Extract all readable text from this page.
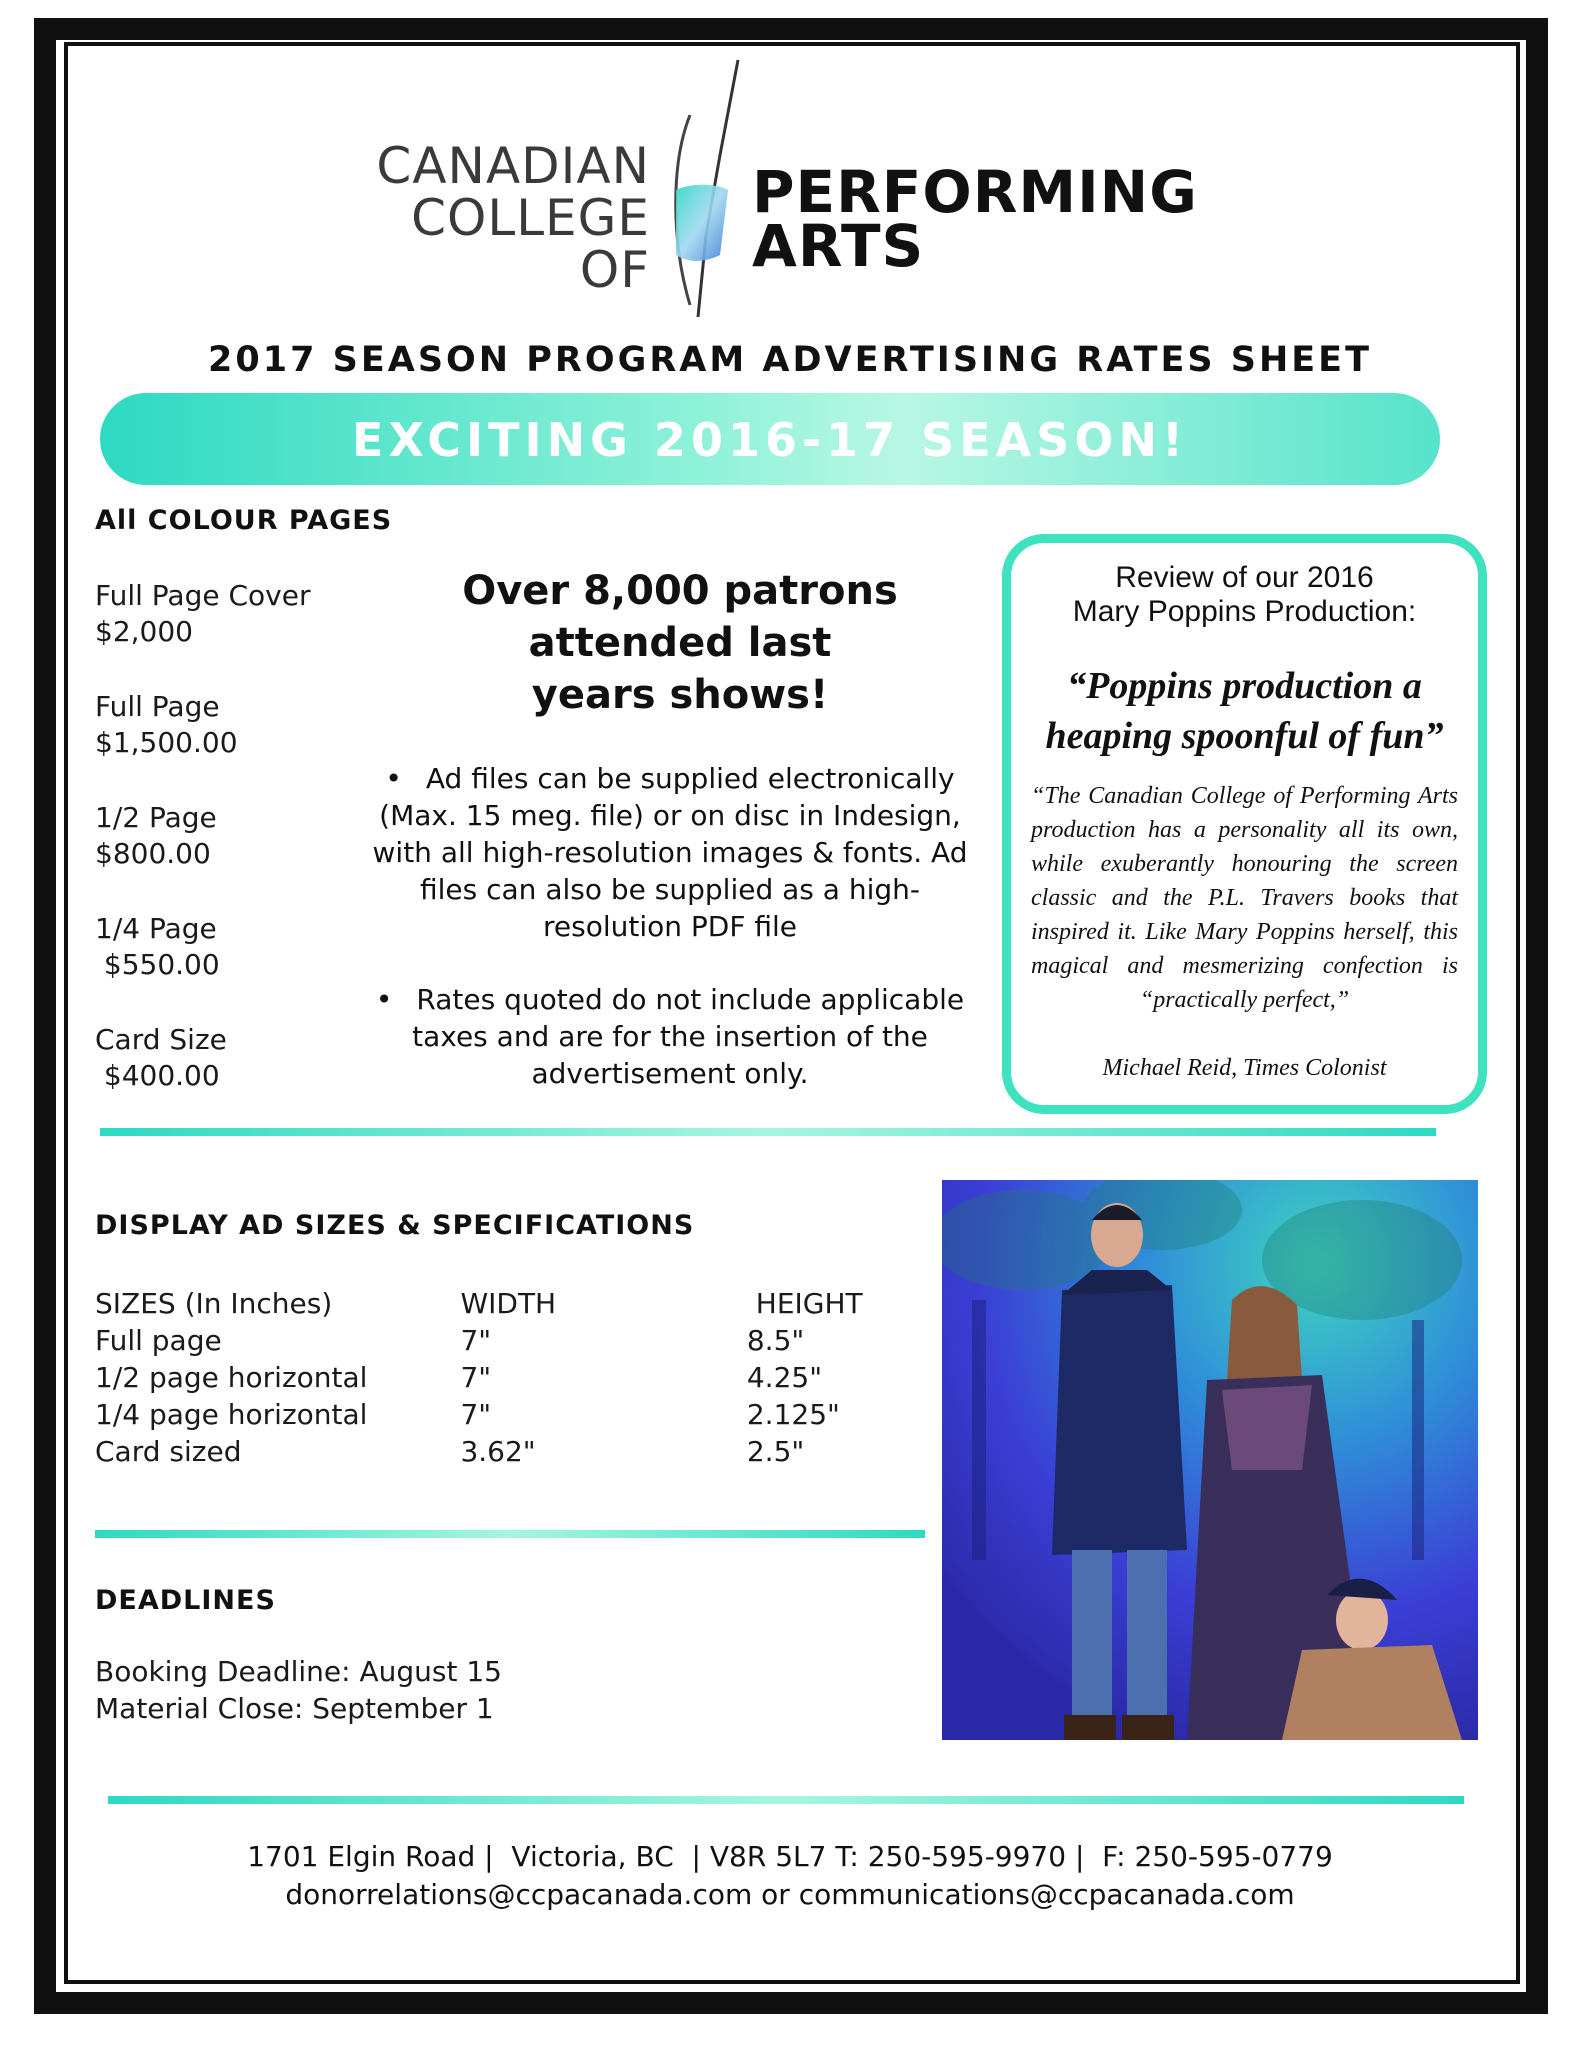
CANADIAN
COLLEGE OF
PERFORMING
ARTS
2017 SEASON PROGRAM ADVERTISING RATES SHEET
EXCITING 2016-17 SEASON!
All COLOUR PAGES
Full Page Cover
$2,000
Full Page
$1,500.00
1/2 Page
$800.00
1/4 Page
$550.00
Card Size
$400.00
Over 8,000 patrons
attended last
years shows!

• Ad files can be supplied electronically (Max. 15 meg. file) or on disc in Indesign, with all high-resolution images & fonts. Ad files can also be supplied as a high-resolution PDF file

• Rates quoted do not include applicable taxes and are for the insertion of the advertisement only.

Review of our 2016
Mary Poppins Production:
“Poppins production a
heaping spoonful of fun”
“The Canadian College of Performing Arts production has a personality all its own, while exuberantly honouring the screen classic and the P.L. Travers books that inspired it. Like Mary Poppins herself, this magical and mesmerizing confection is “practically perfect,”
Michael Reid, Times Colonist
DISPLAY AD SIZES & SPECIFICATIONS
SIZES (In Inches)	WIDTH	HEIGHT
Full page	7"	8.5"
1/2 page horizontal	7"	4.25"
1/4 page horizontal	7"	2.125"
Card sized	3.62"	2.5"
DEADLINES
Booking Deadline: August 15
Material Close: September 1
1701 Elgin Road |  Victoria, BC  | V8R 5L7 T: 250-595-9970 |  F: 250-595-0779
donorrelations@ccpacanada.com or communications@ccpacanada.com
